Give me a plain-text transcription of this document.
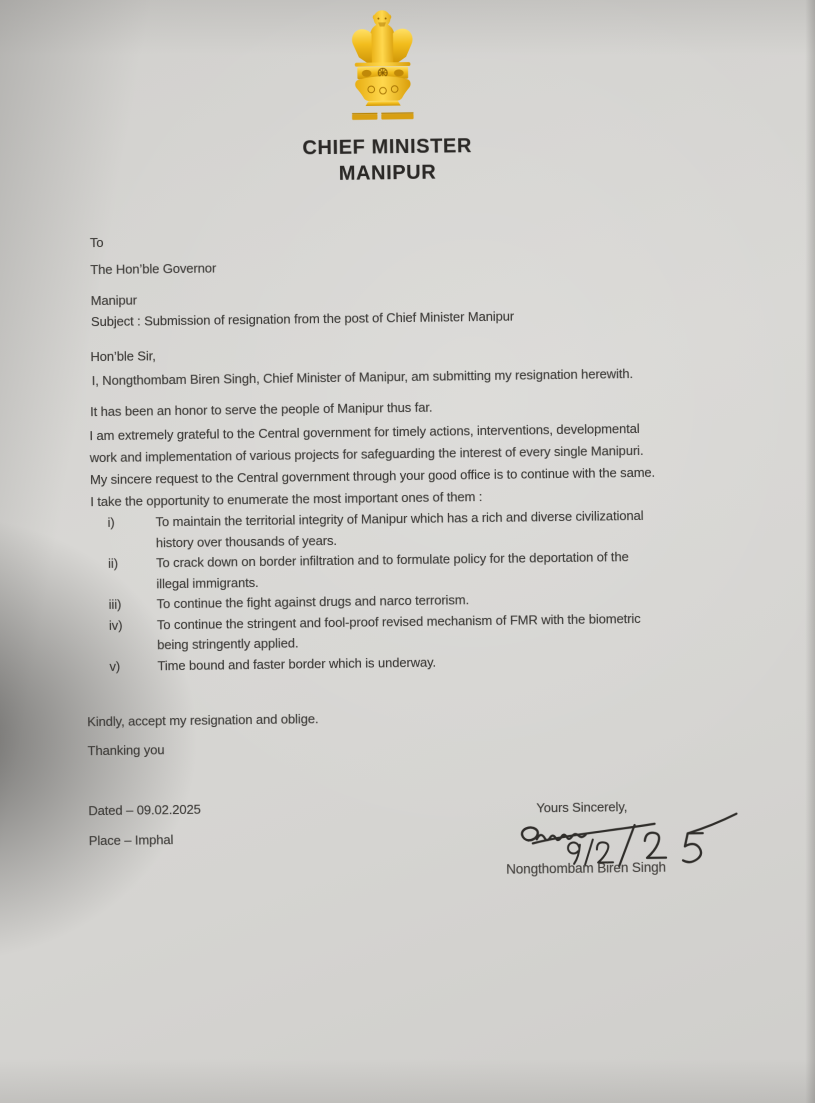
CHIEF MINISTER
MANIPUR

To

The Hon’ble Governor

Manipur

Subject : Submission of resignation from the post of Chief Minister Manipur
Hon’ble Sir,
I, Nongthombam Biren Singh, Chief Minister of Manipur, am submitting my resignation herewith.
It has been an honor to serve the people of Manipur thus far.

I am extremely grateful to the Central government for timely actions, interventions, developmental

work and implementation of various projects for safeguarding the interest of every single Manipuri.

My sincere request to the Central government through your good office is to continue with the same.

I take the opportunity to enumerate the most important ones of them :

i)	To maintain the territorial integrity of Manipur which has a rich and diverse civilizational
history over thousands of years.
ii)	To crack down on border infiltration and to formulate policy for the deportation of the
illegal immigrants.
iii)	To continue the fight against drugs and narco terrorism.
iv)	To continue the stringent and fool-proof revised mechanism of FMR with the biometric
being stringently applied.
v)	Time bound and faster border which is underway.
Kindly, accept my resignation and oblige.
Thanking you
Dated – 09.02.2025
Place – Imphal
Yours Sincerely,
Nongthombam Biren Singh
